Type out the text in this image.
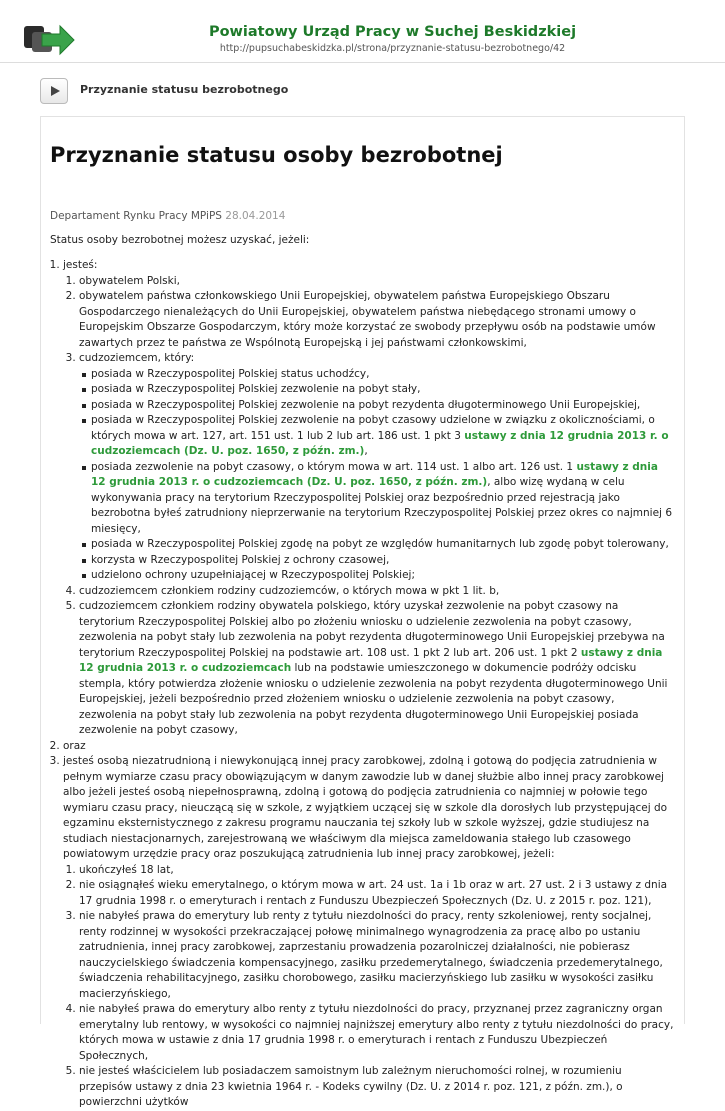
Powiatowy Urząd Pracy w Suchej Beskidzkiej
http://pupsuchabeskidzka.pl/strona/przyznanie-statusu-bezrobotnego/42
Przyznanie statusu bezrobotnego
Przyznanie statusu osoby bezrobotnej
Departament Rynku Pracy MPiPS 28.04.2014
Status osoby bezrobotnej możesz uzyskać, jeżeli:
1. jesteś:
1. obywatelem Polski,
2. obywatelem państwa członkowskiego Unii Europejskiej, obywatelem państwa Europejskiego Obszaru Gospodarczego nienależących do Unii Europejskiej, obywatelem państwa niebędącego stronami umowy o Europejskim Obszarze Gospodarczym, który może korzystać ze swobody przepływu osób na podstawie umów zawartych przez te państwa ze Wspólnotą Europejską i jej państwami członkowskimi,
3. cudzoziemcem, który:
posiada w Rzeczypospolitej Polskiej status uchodźcy,
posiada w Rzeczypospolitej Polskiej zezwolenie na pobyt stały,
posiada w Rzeczypospolitej Polskiej zezwolenie na pobyt rezydenta długoterminowego Unii Europejskiej,
posiada w Rzeczypospolitej Polskiej zezwolenie na pobyt czasowy udzielone w związku z okolicznościami, o których mowa w art. 127, art. 151 ust. 1 lub 2 lub art. 186 ust. 1 pkt 3 ustawy z dnia 12 grudnia 2013 r. o cudzoziemcach (Dz. U. poz. 1650, z późn. zm.),
posiada zezwolenie na pobyt czasowy, o którym mowa w art. 114 ust. 1 albo art. 126 ust. 1 ustawy z dnia 12 grudnia 2013 r. o cudzoziemcach (Dz. U. poz. 1650, z późn. zm.), albo wizę wydaną w celu wykonywania pracy na terytorium Rzeczypospolitej Polskiej oraz bezpośrednio przed rejestracją jako bezrobotna byłeś zatrudniony nieprzerwanie na terytorium Rzeczypospolitej Polskiej przez okres co najmniej 6 miesięcy,
posiada w Rzeczypospolitej Polskiej zgodę na pobyt ze względów humanitarnych lub zgodę pobyt tolerowany,
korzysta w Rzeczypospolitej Polskiej z ochrony czasowej,
udzielono ochrony uzupełniającej w Rzeczypospolitej Polskiej;
4. cudzoziemcem członkiem rodziny cudzoziemców, o których mowa w pkt 1 lit. b,
5. cudzoziemcem członkiem rodziny obywatela polskiego, który uzyskał zezwolenie na pobyt czasowy na terytorium Rzeczypospolitej Polskiej albo po złożeniu wniosku o udzielenie zezwolenia na pobyt czasowy, zezwolenia na pobyt stały lub zezwolenia na pobyt rezydenta długoterminowego Unii Europejskiej przebywa na terytorium Rzeczypospolitej Polskiej na podstawie art. 108 ust. 1 pkt 2 lub art. 206 ust. 1 pkt 2 ustawy z dnia 12 grudnia 2013 r. o cudzoziemcach lub na podstawie umieszczonego w dokumencie podróży odcisku stempla, który potwierdza złożenie wniosku o udzielenie zezwolenia na pobyt rezydenta długoterminowego Unii Europejskiej, jeżeli bezpośrednio przed złożeniem wniosku o udzielenie zezwolenia na pobyt czasowy, zezwolenia na pobyt stały lub zezwolenia na pobyt rezydenta długoterminowego Unii Europejskiej posiada zezwolenie na pobyt czasowy,
2. oraz
3. jesteś osobą niezatrudnioną i niewykonującą innej pracy zarobkowej, zdolną i gotową do podjęcia zatrudnienia w pełnym wymiarze czasu pracy obowiązującym w danym zawodzie lub w danej służbie albo innej pracy zarobkowej albo jeżeli jesteś osobą niepełnosprawną, zdolną i gotową do podjęcia zatrudnienia co najmniej w połowie tego wymiaru czasu pracy, nieuczącą się w szkole, z wyjątkiem uczącej się w szkole dla dorosłych lub przystępującej do egzaminu eksternistycznego z zakresu programu nauczania tej szkoły lub w szkole wyższej, gdzie studiujesz na studiach niestacjonarnych, zarejestrowaną we właściwym dla miejsca zameldowania stałego lub czasowego powiatowym urzędzie pracy oraz poszukującą zatrudnienia lub innej pracy zarobkowej, jeżeli:
1. ukończyłeś 18 lat,
2. nie osiągnąłeś wieku emerytalnego, o którym mowa w art. 24 ust. 1a i 1b oraz w art. 27 ust. 2 i 3 ustawy z dnia 17 grudnia 1998 r. o emeryturach i rentach z Funduszu Ubezpieczeń Społecznych (Dz. U. z 2015 r. poz. 121),
3. nie nabyłeś prawa do emerytury lub renty z tytułu niezdolności do pracy, renty szkoleniowej, renty socjalnej, renty rodzinnej w wysokości przekraczającej połowę minimalnego wynagrodzenia za pracę albo po ustaniu zatrudnienia, innej pracy zarobkowej, zaprzestaniu prowadzenia pozarolniczej działalności, nie pobierasz nauczycielskiego świadczenia kompensacyjnego, zasiłku przedemerytalnego, świadczenia przedemerytalnego, świadczenia rehabilitacyjnego, zasiłku chorobowego, zasiłku macierzyńskiego lub zasiłku w wysokości zasiłku macierzyńskiego,
4. nie nabyłeś prawa do emerytury albo renty z tytułu niezdolności do pracy, przyznanej przez zagraniczny organ emerytalny lub rentowy, w wysokości co najmniej najniższej emerytury albo renty z tytułu niezdolności do pracy, których mowa w ustawie z dnia 17 grudnia 1998 r. o emeryturach i rentach z Funduszu Ubezpieczeń Społecznych,
5. nie jesteś właścicielem lub posiadaczem samoistnym lub zależnym nieruchomości rolnej, w rozumieniu przepisów ustawy z dnia 23 kwietnia 1964 r. - Kodeks cywilny (Dz. U. z 2014 r. poz. 121, z późn. zm.), o powierzchni użytków
